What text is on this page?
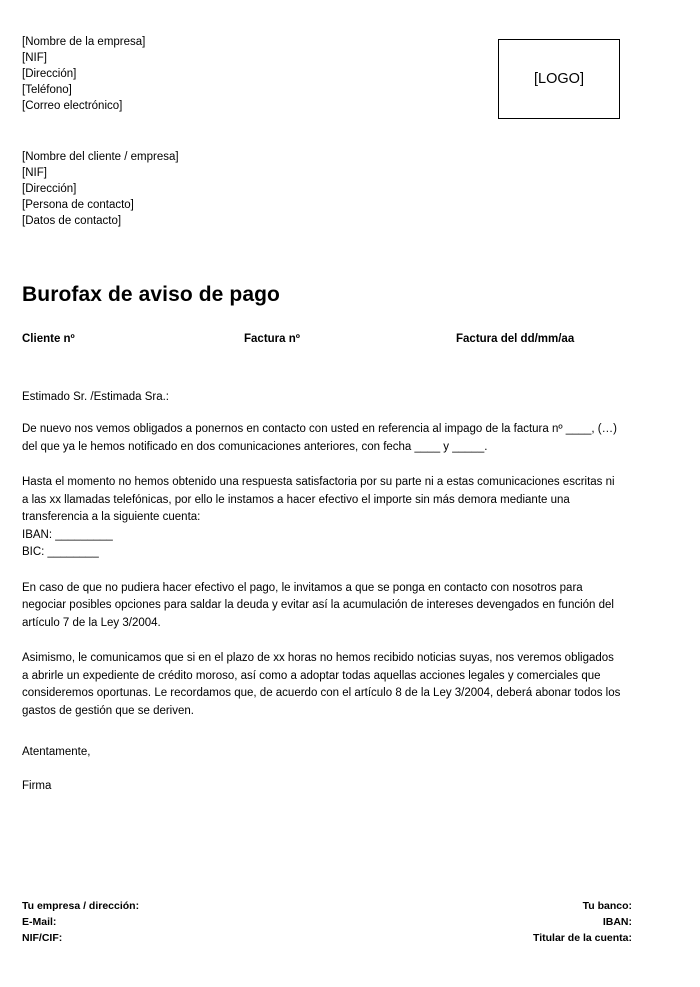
[Nombre de la empresa]
[NIF]
[Dirección]
[Teléfono]
[Correo electrónico]
[LOGO]
[Nombre del cliente / empresa]
[NIF]
[Dirección]
[Persona de contacto]
[Datos de contacto]
Burofax de aviso de pago
Cliente nº	Factura nº	Factura del dd/mm/aa
Estimado Sr. /Estimada Sra.:
De nuevo nos vemos obligados a ponernos en contacto con usted en referencia al impago de la factura nº ____, (…) del que ya le hemos notificado en dos comunicaciones anteriores, con fecha ____ y _____.
Hasta el momento no hemos obtenido una respuesta satisfactoria por su parte ni a estas comunicaciones escritas ni a las xx llamadas telefónicas, por ello le instamos a hacer efectivo el importe sin más demora mediante una transferencia a la siguiente cuenta:
IBAN: _________
BIC: ________
En caso de que no pudiera hacer efectivo el pago, le invitamos a que se ponga en contacto con nosotros para negociar posibles opciones para saldar la deuda y evitar así la acumulación de intereses devengados en función del artículo 7 de la Ley 3/2004.
Asimismo, le comunicamos que si en el plazo de xx horas no hemos recibido noticias suyas, nos veremos obligados a abrirle un expediente de crédito moroso, así como a adoptar todas aquellas acciones legales y comerciales que consideremos oportunas. Le recordamos que, de acuerdo con el artículo 8 de la Ley 3/2004, deberá abonar todos los gastos de gestión que se deriven.
Atentamente,
Firma
Tu empresa / dirección:
E-Mail:
NIF/CIF:
Tu banco:
IBAN:
Titular de la cuenta:
